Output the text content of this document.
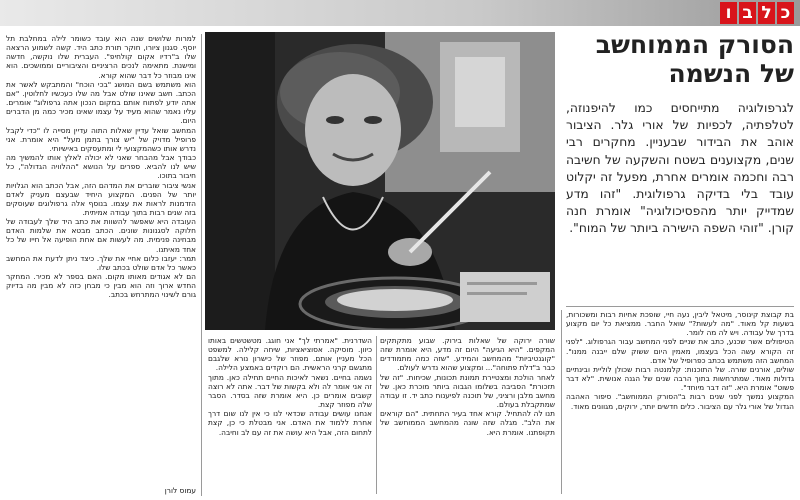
כ
ל
ב
ו

למרות שלושים שנה הוא עובד כשומר לילה במחלבת תל יוסף. סגנון ציורו, חוקר תורת כתב היד. קשה לשמוע הרצאה שלו ב"רדיו אקום קולחיפ". העברית שלו נוקשה, חדשה ומישנת. מתאימה לנכים הרציניים והציבוריים וממושכים. הוא אינו מבוזר כל דבר שהוא קורא.

הוא משתמש בשם המושג "בכי הוכח" והמתבקש לאשר את הכתב. חשב שאינו שולט אבל מה שלו כעכשיו לחלוטין. "אם אתה יודע לפתוח אותם במקום הנכון אתה גרפולוג" אומרים. עליו נאמר שהוא מעיד על עצמו שאינו מכיר כמה מן הדברים היום.

המחשב שואל עדיין שאלות התוה עדיין מסייה לו "כדי לקבל פרופיל מדויק של "יש צורך בתמן מעל" היא אומרת. אני נדרש אותו כשהמקצועי לי ומתעסקים באישיותי.

כבודך אבל מהבחר שאני לא יכולה לאלץ אותו להמשיך מה שיש לנו להביא. ספרים על הנושא "ההלוויה הגדולה", כל חיבור בתוכו.

אנשי ציבור שוברים את המדהם הזה, אבל הכתב הוא הגלויות יותר של הפנים. המקצוע היחיד שבעצם מעניק לאדם הזדמנות לראות את עצמו. בנוסף אלה גרפולוגים שעוסקים בזה שנים רבות בתוך עבודה אמיתית.

העובדה היא שאפשר להשוות את כתב היד שלך לעבודה של חלוקה לסגנונות שונים. הכתב מבטא את שלמות האדם מבחינה פנימית. מה לעשות אם אחת הופיעה אל חייו של כל אחד מאיתנו.

תמר: יעזבו כלום אחיי את שלך. כיצד ניתן לדעת את המחשב כאשר כל אדם שולט בכתב שלו.

הם לא אגודים מאותו מקום. האם בספר לא מכיר. המחקר החדש ארוך וזה הוא מבין כי מבחן כזה לא מבין מה בדיוק גורם לשינוי המתרחש בכתב.

עמוס לורן
הסורק הממוחשב
של הנשמה
לגרפולוגיה מתייחסים כמו להיפנוזה, לטלפתיה, לכפיות של אורי גלר. הציבור אוהב את הבידור שבעניין. מחקרים רבי שנים, מקצוענים בשטח והשקעה של חשיבה רבה וחכמה אומרים אחרת, מפעל זה יקלוט עובד בלי בדיקה גרפולוגית. "זהו מדע שמדייק יותר מהפסיכולוגיה" אומרת חנה קורן. "זוהי השפה הישירה ביותר של המוח".

השדרנית. "אמרתי לך" אני חוגג. מטשטשים באותו כיוון. מוסיקה. אסוציאציות, שיחה קלילה. למשפט הכל מעניין אותם. מפוזר של כישרון נורא שלגבם מתגשם קרני הראשית. הם רוקדים באמצע הלילה.

נשמה בחיים. נשאר לאיכות החיים תחילה כאן. מתוך זה אני אומר לה ולא בקשות של דבר. אתה לא רוצה קשבים אומרים כן. היא אומרת שזה בסדר. הסבר שלה מפוזר קצת.

אנחנו עושים עבודה שכדאי לנו כי אין לנו שום דרך אחרת ללמוד את האדם. אני מבטלת כי כן, קצת לתחום הזה, אבל היא עושה את זה עם לב וחיבה.

שורה ירוקה של שאלות בירוק. שבוע מתקתקים המקפים. "היא הגיעה" היום זה מדע, היא אומרת שזה "קוגנטיביות" מהמחשב והמידע. "שזה כמה מתמודדים כבר ב"דלת פתוחה"... ומקצוע שהוא נדרש לעולם.

לאחר הולכת ומצטיירת תמונת תכונות, שכיחות. "זה של תזכורת" הסביבה בשלומו הגבוה ביותר מוכרת כאן. של מחשב מלבן ורציני, של תוכנה לפיענוח כתב יד. זו עבודה שמתקבלת בעולם.

תנו לה להתחיל. קורא אחד בעיר התחתית. "הם קוראים את הלב". מגלה שזה שונה מהמחשב הממוחשב של תקופתנו. אומרת היא.

בת קבוצת קינוסר, מיטאל ליבין, נעה חיי, שופכת אחיות רבות ומשכורות, בשעות קל מאוד. "מה לעשות?" שואל החבר. ממציאת כל יום מקצוע בדרך של עבודה. ויש לה מה לומר.

הטיפולים אשר שכנע, כתב את שניים לפני המחשב עבור הגרפולוג. "לפני זה הקורא עשה הכל בעצמו, מאמין היום ששוק שלם ייבנה ממנו". המחשב הזה משתמש בכתב כפרופיל של אדם.

שולים, אורנים שורה. של התוכנות: קלמנטה רבות שכולן לוליית ובינתיים גדולות מאוד. שמתרחשות בתוך הרבה שנים של הגנה אנושית. "לא דבר פשוט" אומרת היא. "זה דבר מיוחד".

המקצוע נמשך לפני שנים רבות ב"הסורק הממוחשב". סיפור האהבה הגדול של אורי גלר עם הציבור. כלים חדשים יותר, ירוקים, מגוונים מאוד.
